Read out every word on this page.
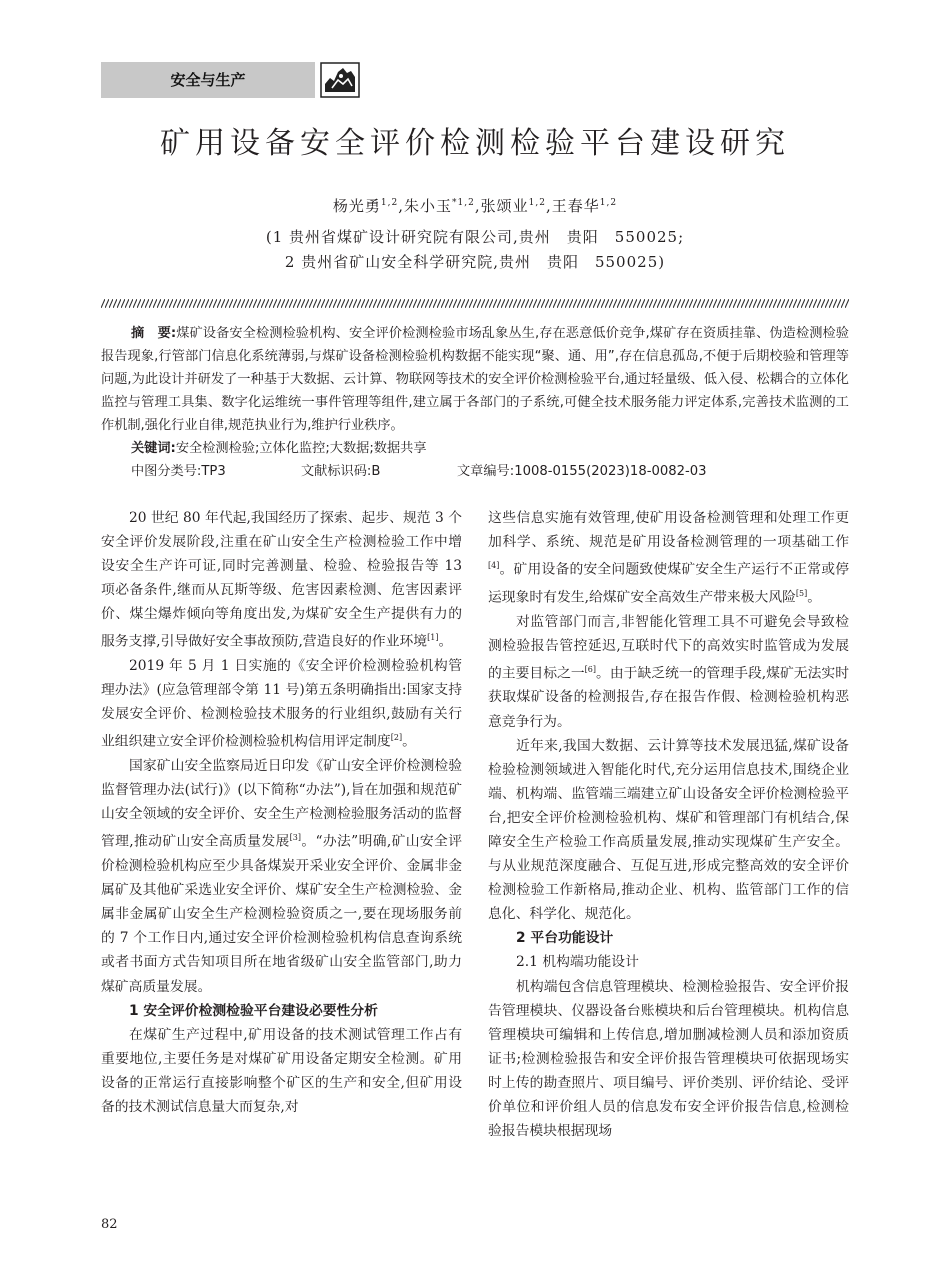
安全与生产
矿用设备安全评价检测检验平台建设研究
杨光勇$^{1,2}$,朱小玉$^{*1,2}$,张颂业$^{1,2}$,王春华$^{1,2}$
(1 贵州省煤矿设计研究院有限公司,贵州　贵阳　550025;
2 贵州省矿山安全科学研究院,贵州　贵阳　550025)
摘　要:煤矿设备安全检测检验机构、安全评价检测检验市场乱象丛生,存在恶意低价竞争,煤矿存在资质挂靠、伪造检测检验报告现象,行管部门信息化系统薄弱,与煤矿设备检测检验机构数据不能实现“聚、通、用”,存在信息孤岛,不便于后期校验和管理等问题,为此设计并研发了一种基于大数据、云计算、物联网等技术的安全评价检测检验平台,通过轻量级、低入侵、松耦合的立体化监控与管理工具集、数字化运维统一事件管理等组件,建立属于各部门的子系统,可健全技术服务能力评定体系,完善技术监测的工作机制,强化行业自律,规范执业行为,维护行业秩序。
关键词:安全检测检验;立体化监控;大数据;数据共享
中图分类号:TP3	文献标识码:B	文章编号:1008-0155(2023)18-0082-03

20 世纪 80 年代起,我国经历了探索、起步、规范 3 个安全评价发展阶段,注重在矿山安全生产检测检验工作中增设安全生产许可证,同时完善测量、检验、检验报告等 13 项必备条件,继而从瓦斯等级、危害因素检测、危害因素评价、煤尘爆炸倾向等角度出发,为煤矿安全生产提供有力的服务支撑,引导做好安全事故预防,营造良好的作业环境[1]。

2019 年 5 月 1 日实施的《安全评价检测检验机构管理办法》(应急管理部令第 11 号)第五条明确指出:国家支持发展安全评价、检测检验技术服务的行业组织,鼓励有关行业组织建立安全评价检测检验机构信用评定制度[2]。

国家矿山安全监察局近日印发《矿山安全评价检测检验监督管理办法(试行)》(以下简称“办法”),旨在加强和规范矿山安全领域的安全评价、安全生产检测检验服务活动的监督管理,推动矿山安全高质量发展[3]。“办法”明确,矿山安全评价检测检验机构应至少具备煤炭开采业安全评价、金属非金属矿及其他矿采选业安全评价、煤矿安全生产检测检验、金属非金属矿山安全生产检测检验资质之一,要在现场服务前的 7 个工作日内,通过安全评价检测检验机构信息查询系统或者书面方式告知项目所在地省级矿山安全监管部门,助力煤矿高质量发展。

1 安全评价检测检验平台建设必要性分析

在煤矿生产过程中,矿用设备的技术测试管理工作占有重要地位,主要任务是对煤矿矿用设备定期安全检测。矿用设备的正常运行直接影响整个矿区的生产和安全,但矿用设备的技术测试信息量大而复杂,对

这些信息实施有效管理,使矿用设备检测管理和处理工作更加科学、系统、规范是矿用设备检测管理的一项基础工作[4]。矿用设备的安全问题致使煤矿安全生产运行不正常或停运现象时有发生,给煤矿安全高效生产带来极大风险[5]。

对监管部门而言,非智能化管理工具不可避免会导致检测检验报告管控延迟,互联时代下的高效实时监管成为发展的主要目标之一[6]。由于缺乏统一的管理手段,煤矿无法实时获取煤矿设备的检测报告,存在报告作假、检测检验机构恶意竞争行为。

近年来,我国大数据、云计算等技术发展迅猛,煤矿设备检验检测领域进入智能化时代,充分运用信息技术,围绕企业端、机构端、监管端三端建立矿山设备安全评价检测检验平台,把安全评价检测检验机构、煤矿和管理部门有机结合,保障安全生产检验工作高质量发展,推动实现煤矿生产安全。与从业规范深度融合、互促互进,形成完整高效的安全评价检测检验工作新格局,推动企业、机构、监管部门工作的信息化、科学化、规范化。

2 平台功能设计

2.1 机构端功能设计

机构端包含信息管理模块、检测检验报告、安全评价报告管理模块、仪器设备台账模块和后台管理模块。机构信息管理模块可编辑和上传信息,增加删减检测人员和添加资质证书;检测检验报告和安全评价报告管理模块可依据现场实时上传的勘查照片、项目编号、评价类别、评价结论、受评价单位和评价组人员的信息发布安全评价报告信息,检测检验报告模块根据现场

82
